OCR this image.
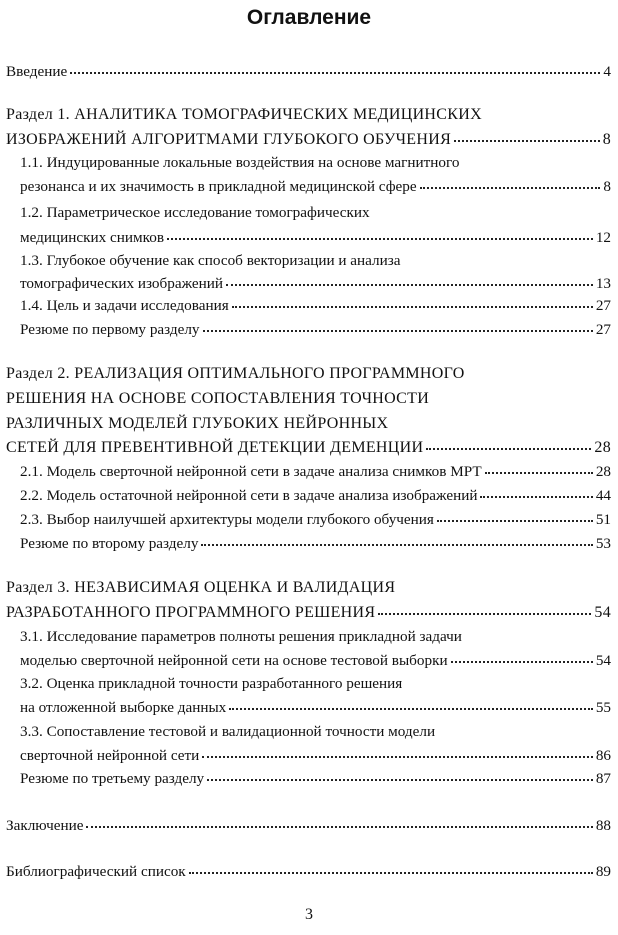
Оглавление
Введение	4
Раздел 1. АНАЛИТИКА ТОМОГРАФИЧЕСКИХ МЕДИЦИНСКИХ
ИЗОБРАЖЕНИЙ АЛГОРИТМАМИ ГЛУБОКОГО ОБУЧЕНИЯ	8
1.1. Индуцированные локальные воздействия на основе магнитного
резонанса и их значимость в прикладной медицинской сфере	8
1.2. Параметрическое исследование томографических
медицинских снимков	12
1.3. Глубокое обучение как способ векторизации и анализа
томографических изображений	13
1.4. Цель и задачи исследования	27
Резюме по первому разделу	27
Раздел 2. РЕАЛИЗАЦИЯ ОПТИМАЛЬНОГО ПРОГРАММНОГО
РЕШЕНИЯ НА ОСНОВЕ СОПОСТАВЛЕНИЯ ТОЧНОСТИ
РАЗЛИЧНЫХ МОДЕЛЕЙ ГЛУБОКИХ НЕЙРОННЫХ
СЕТЕЙ ДЛЯ ПРЕВЕНТИВНОЙ ДЕТЕКЦИИ ДЕМЕНЦИИ	28
2.1. Модель сверточной нейронной сети в задаче анализа снимков МРТ	28
2.2. Модель остаточной нейронной сети в задаче анализа изображений	44
2.3. Выбор наилучшей архитектуры модели глубокого обучения	51
Резюме по второму разделу	53
Раздел 3. НЕЗАВИСИМАЯ ОЦЕНКА И ВАЛИДАЦИЯ
РАЗРАБОТАННОГО ПРОГРАММНОГО РЕШЕНИЯ	54
3.1. Исследование параметров полноты решения прикладной задачи
моделью сверточной нейронной сети на основе тестовой выборки	54
3.2. Оценка прикладной точности разработанного решения
на отложенной выборке данных	55
3.3. Сопоставление тестовой и валидационной точности модели
сверточной нейронной сети	86
Резюме по третьему разделу	87
Заключение	88
Библиографический список	89
3
